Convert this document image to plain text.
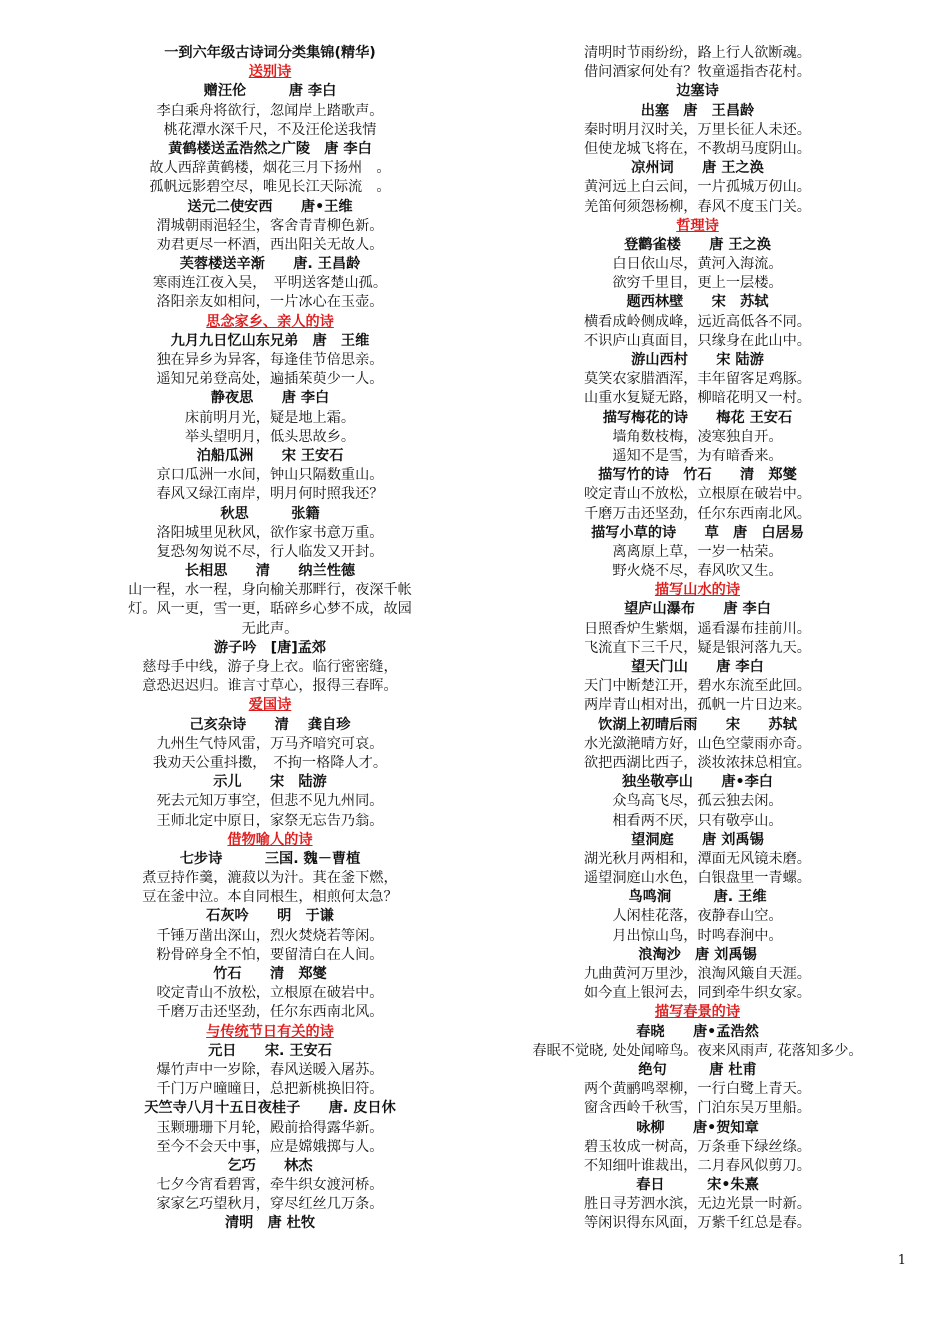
一到六年级古诗词分类集锦(精华)
送别诗
赠汪伦　　　唐 李白
李白乘舟将欲行，忽闻岸上踏歌声。
桃花潭水深千尺，不及汪伦送我情
黄鹤楼送孟浩然之广陵　唐 李白
故人西辞黄鹤楼，烟花三月下扬州　。
孤帆远影碧空尽，唯见长江天际流　。
送元二使安西　　唐•王维
渭城朝雨浥轻尘，客舍青青柳色新。
劝君更尽一杯酒，西出阳关无故人。
芙蓉楼送辛渐　　唐. 王昌龄
寒雨连江夜入吴，　平明送客楚山孤。
洛阳亲友如相问，一片冰心在玉壶。
思念家乡、亲人的诗
九月九日忆山东兄弟　唐　王维
独在异乡为异客，每逢佳节倍思亲。
遥知兄弟登高处，遍插茱萸少一人。
静夜思　　唐 李白
床前明月光，疑是地上霜。
举头望明月，低头思故乡。
泊船瓜洲　　宋 王安石
京口瓜洲一水间，钟山只隔数重山。
春风又绿江南岸，明月何时照我还？
秋思　　　张籍
洛阳城里见秋风，欲作家书意万重。
复恐匆匆说不尽，行人临发又开封。
长相思　　清　　纳兰性德
山一程，水一程，身向榆关那畔行，夜深千帐
灯。风一更，雪一更，聒碎乡心梦不成，故园
无此声。
游子吟　[唐]孟郊
慈母手中线，游子身上衣。临行密密缝，
意恐迟迟归。谁言寸草心，报得三春晖。
爱国诗
己亥杂诗　　清　 龚自珍
九州生气恃风雷，万马齐喑究可哀。
我劝天公重抖擞，　不拘一格降人才。
示儿　　宋　陆游
死去元知万事空，但悲不见九州同。
王师北定中原日，家祭无忘告乃翁。
借物喻人的诗
七步诗　　　三国. 魏－曹植
煮豆持作羹，漉菽以为汁。萁在釜下燃，
豆在釜中泣。本自同根生，相煎何太急？
石灰吟　　明　于谦
千锤万凿出深山，烈火焚烧若等闲。
粉骨碎身全不怕，要留清白在人间。
竹石　　清　郑燮
咬定青山不放松，立根原在破岩中。
千磨万击还坚劲，任尔东西南北风。
与传统节日有关的诗
元日　　宋. 王安石
爆竹声中一岁除，春风送暖入屠苏。
千门万户曈曈日，总把新桃换旧符。
天竺寺八月十五日夜桂子　　唐. 皮日休
玉颗珊珊下月轮，殿前拾得露华新。
至今不会天中事，应是嫦娥掷与人。
乞巧　　林杰
七夕今宵看碧霄，牵牛织女渡河桥。
家家乞巧望秋月，穿尽红丝几万条。
清明　唐 杜牧
清明时节雨纷纷，路上行人欲断魂。
借问酒家何处有？牧童遥指杏花村。
边塞诗
出塞　唐　王昌龄
秦时明月汉时关，万里长征人未还。
但使龙城飞将在，不教胡马度阴山。
凉州词　　唐 王之涣
黄河远上白云间，一片孤城万仞山。
羌笛何须怨杨柳，春风不度玉门关。
哲理诗
登鹳雀楼　　唐 王之涣
白日依山尽，黄河入海流。
欲穷千里目，更上一层楼。
题西林壁　　宋　苏轼
横看成岭侧成峰，远近高低各不同。
不识庐山真面目，只缘身在此山中。
游山西村　　宋 陆游
莫笑农家腊酒浑，丰年留客足鸡豚。
山重水复疑无路，柳暗花明又一村。
描写梅花的诗　　梅花 王安石
墙角数枝梅，凌寒独自开。
遥知不是雪，为有暗香来。
描写竹的诗　竹石　　清　郑燮
咬定青山不放松，立根原在破岩中。
千磨万击还坚劲，任尔东西南北风。
描写小草的诗　　草　唐　白居易
离离原上草，一岁一枯荣。
野火烧不尽，春风吹又生。
描写山水的诗
望庐山瀑布　　唐 李白
日照香炉生紫烟，遥看瀑布挂前川。
飞流直下三千尺，疑是银河落九天。
望天门山　　唐 李白
天门中断楚江开，碧水东流至此回。
两岸青山相对出，孤帆一片日边来。
饮湖上初晴后雨　　宋　　苏轼
水光潋滟晴方好，山色空蒙雨亦奇。
欲把西湖比西子，淡妆浓抹总相宜。
独坐敬亭山　　唐•李白
众鸟高飞尽，孤云独去闲。
相看两不厌，只有敬亭山。
望洞庭　　唐 刘禹锡
湖光秋月两相和，潭面无风镜未磨。
遥望洞庭山水色，白银盘里一青螺。
鸟鸣涧　　　唐. 王维
人闲桂花落，夜静春山空。
月出惊山鸟，时鸣春涧中。
浪淘沙　唐 刘禹锡
九曲黄河万里沙，浪淘风簸自天涯。
如今直上银河去，同到牵牛织女家。
描写春景的诗
春晓　　唐•孟浩然
春眠不觉晓, 处处闻啼鸟。夜来风雨声, 花落知多少。
绝句　　　唐 杜甫
两个黄鹂鸣翠柳，一行白鹭上青天。
窗含西岭千秋雪，门泊东吴万里船。
咏柳　　唐•贺知章
碧玉妆成一树高，万条垂下绿丝绦。
不知细叶谁裁出，二月春风似剪刀。
春日　　　宋•朱熹
胜日寻芳泗水滨，无边光景一时新。
等闲识得东风面，万紫千红总是春。
1
